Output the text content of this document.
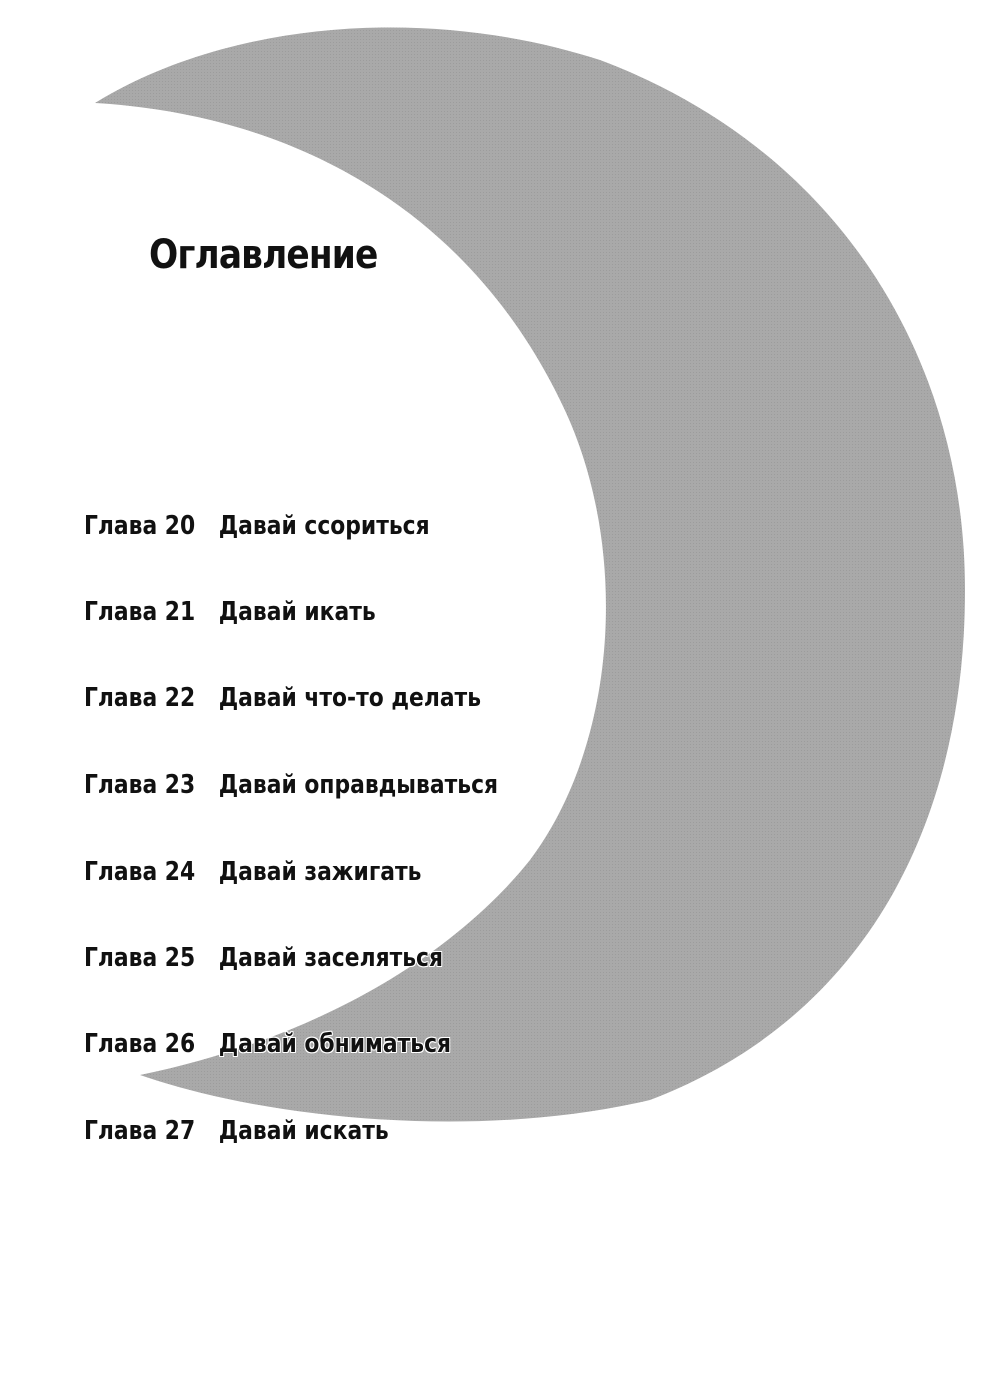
Оглавление
Глава 20 Давай ссориться
Глава 21 Давай икать
Глава 22 Давай что-то делать
Глава 23 Давай оправдываться
Глава 24 Давай зажигать
Глава 25 Давай заселяться
Глава 26 Давай обниматься
Глава 27 Давай искать
